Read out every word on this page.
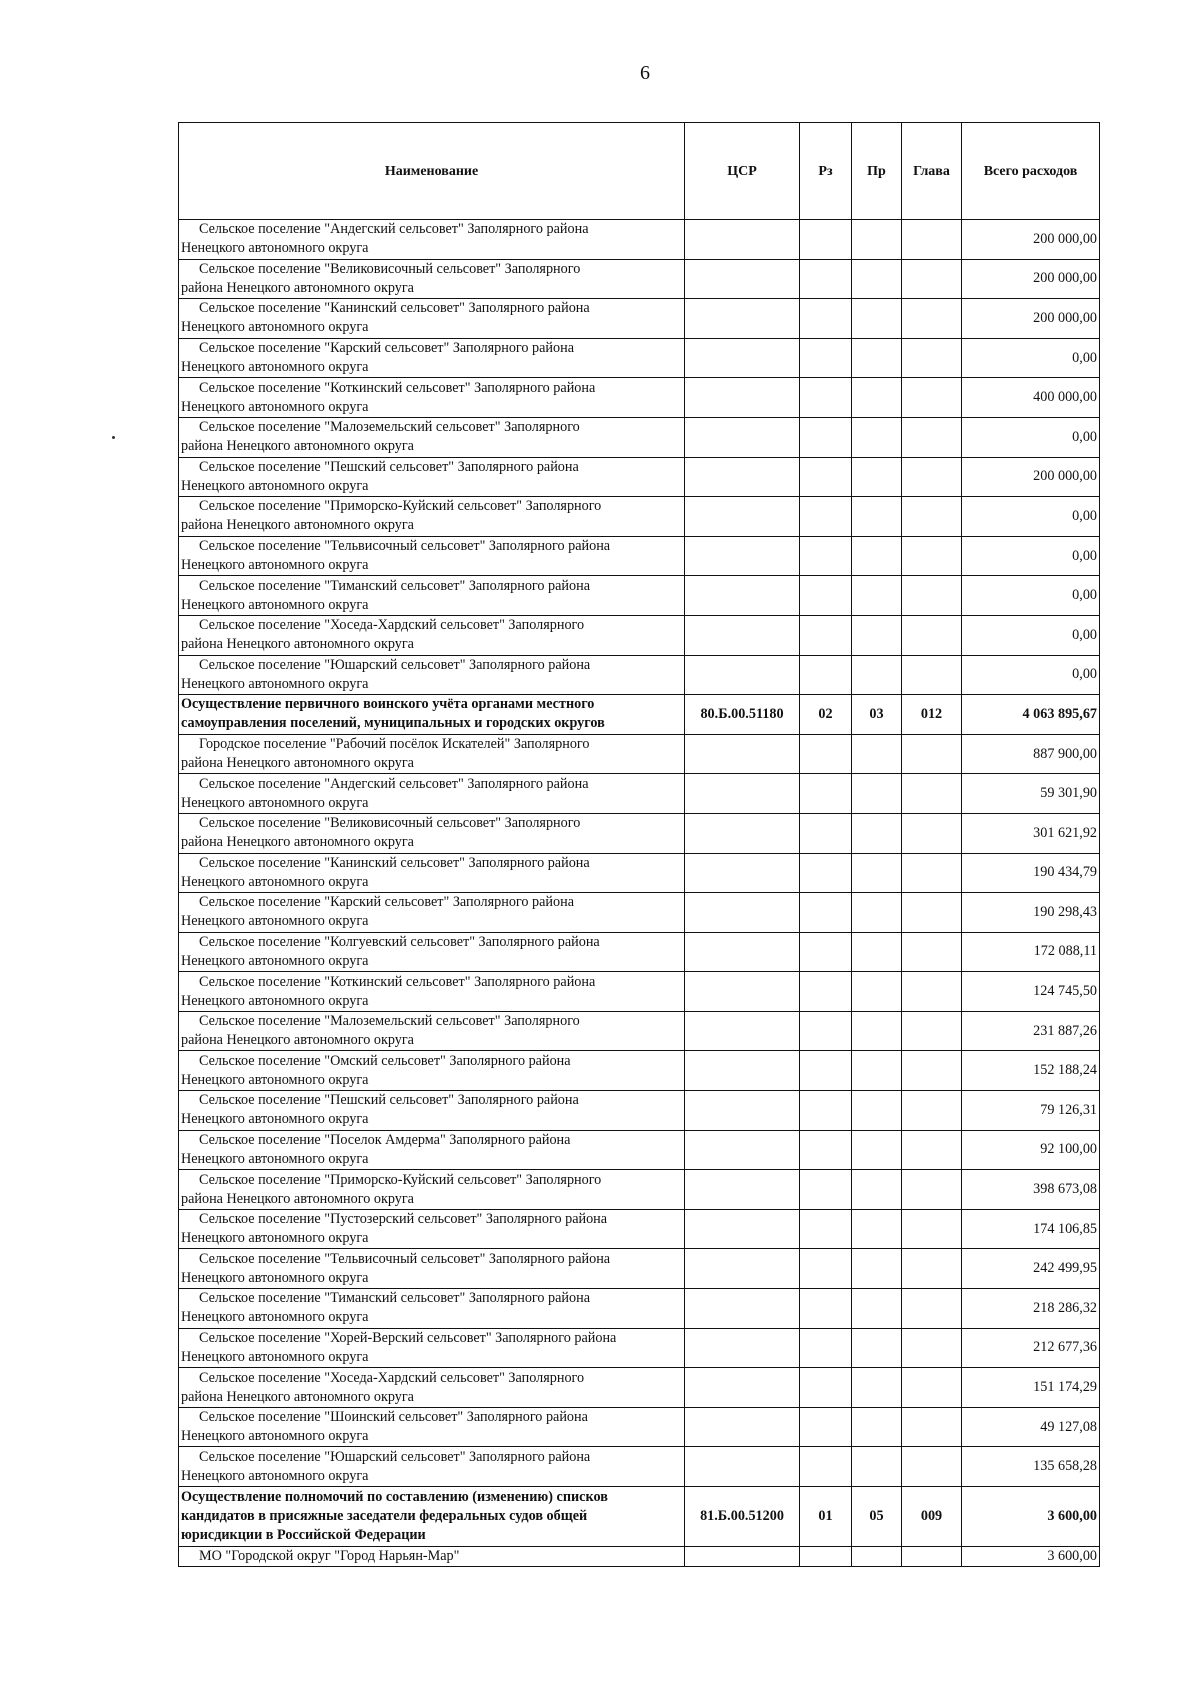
6
Наименование	ЦСР	Рз	Пр	Глава	Всего расходов

Сельское поселение "Андегский сельсовет" Заполярного района
Ненецкого автономного округа					200 000,00

Сельское поселение "Великовисочный сельсовет" Заполярного
района Ненецкого автономного округа					200 000,00

Сельское поселение "Канинский сельсовет" Заполярного района
Ненецкого автономного округа					200 000,00

Сельское поселение "Карский сельсовет" Заполярного района
Ненецкого автономного округа					0,00

Сельское поселение "Коткинский сельсовет" Заполярного района
Ненецкого автономного округа					400 000,00

Сельское поселение "Малоземельский сельсовет" Заполярного
района Ненецкого автономного округа					0,00

Сельское поселение "Пешский сельсовет" Заполярного района
Ненецкого автономного округа					200 000,00

Сельское поселение "Приморско-Куйский сельсовет" Заполярного
района Ненецкого автономного округа					0,00

Сельское поселение "Тельвисочный сельсовет" Заполярного района
Ненецкого автономного округа					0,00

Сельское поселение "Тиманский сельсовет" Заполярного района
Ненецкого автономного округа					0,00

Сельское поселение "Хоседа-Хардский сельсовет" Заполярного
района Ненецкого автономного округа					0,00

Сельское поселение "Юшарский сельсовет" Заполярного района
Ненецкого автономного округа					0,00

Осуществление первичного воинского учёта органами местного
самоуправления поселений, муниципальных и городских округов	80.Б.00.51180	02	03	012	4 063 895,67

Городское поселение "Рабочий посёлок Искателей" Заполярного
района Ненецкого автономного округа					887 900,00

Сельское поселение "Андегский сельсовет" Заполярного района
Ненецкого автономного округа					59 301,90

Сельское поселение "Великовисочный сельсовет" Заполярного
района Ненецкого автономного округа					301 621,92

Сельское поселение "Канинский сельсовет" Заполярного района
Ненецкого автономного округа					190 434,79

Сельское поселение "Карский сельсовет" Заполярного района
Ненецкого автономного округа					190 298,43

Сельское поселение "Колгуевский сельсовет" Заполярного района
Ненецкого автономного округа					172 088,11

Сельское поселение "Коткинский сельсовет" Заполярного района
Ненецкого автономного округа					124 745,50

Сельское поселение "Малоземельский сельсовет" Заполярного
района Ненецкого автономного округа					231 887,26

Сельское поселение "Омский сельсовет" Заполярного района
Ненецкого автономного округа					152 188,24

Сельское поселение "Пешский сельсовет" Заполярного района
Ненецкого автономного округа					79 126,31

Сельское поселение "Поселок Амдерма" Заполярного района
Ненецкого автономного округа					92 100,00

Сельское поселение "Приморско-Куйский сельсовет" Заполярного
района Ненецкого автономного округа					398 673,08

Сельское поселение "Пустозерский сельсовет" Заполярного района
Ненецкого автономного округа					174 106,85

Сельское поселение "Тельвисочный сельсовет" Заполярного района
Ненецкого автономного округа					242 499,95

Сельское поселение "Тиманский сельсовет" Заполярного района
Ненецкого автономного округа					218 286,32

Сельское поселение "Хорей-Верский сельсовет" Заполярного района
Ненецкого автономного округа					212 677,36

Сельское поселение "Хоседа-Хардский сельсовет" Заполярного
района Ненецкого автономного округа					151 174,29

Сельское поселение "Шоинский сельсовет" Заполярного района
Ненецкого автономного округа					49 127,08

Сельское поселение "Юшарский сельсовет" Заполярного района
Ненецкого автономного округа					135 658,28

Осуществление полномочий по составлению (изменению) списков
кандидатов в присяжные заседатели федеральных судов общей
юрисдикции в Российской Федерации	81.Б.00.51200	01	05	009	3 600,00

МО "Городской округ "Город Нарьян-Мар"					3 600,00
